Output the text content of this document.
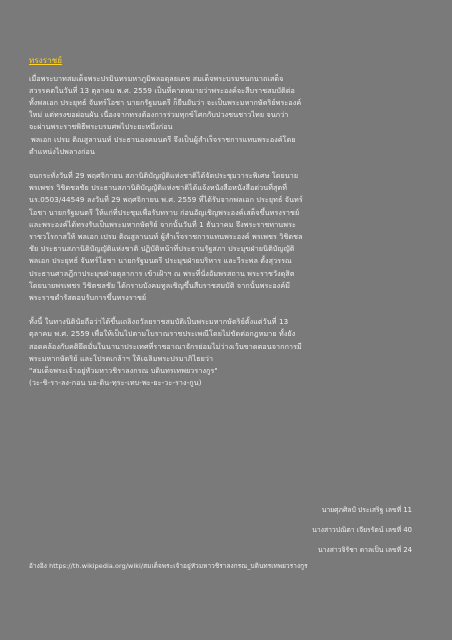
ทรงราชย์
เมื่อพระบาทสมเด็จพระปรมินทรมหาภูมิพลอดุลยเดช สมเด็จพระบรมชนกนาถเสด็จ
สวรรคตในวันที่ 13 ตุลาคม พ.ศ. 2559 เป็นที่คาดหมายว่าพระองค์จะสืบราชสมบัติต่อ
ทั้งพลเอก ประยุทธ์ จันทร์โอชา นายกรัฐมนตรี ก็ยืนยันว่า จะเป็นพระมหากษัตริย์พระองค์
ใหม่ แต่ทรงขอผ่อนผัน เนื่องจากทรงต้องการร่วมทุกข์โศกกับปวงชนชาวไทย จนกว่า
จะผ่านพระราชพิธีพระบรมศพไประยะหนึ่งก่อน
พลเอก เปรม ติณสูลานนท์ ประธานองคมนตรี จึงเป็นผู้สำเร็จราชการแทนพระองค์โดย
ตำแหน่งไปพลางก่อน
จนกระทั่งวันที่ 29 พฤศจิกายน สภานิติบัญญัติแห่งชาติได้จัดประชุมวาระพิเศษ โดยนาย
พรเพชร วิชิตชลชัย ประธานสภานิติบัญญัติแห่งชาติได้แจ้งหนังสือหนังสือด่วนที่สุดที่
นร.0503/44549 ลงวันที่ 29 พฤศจิกายน พ.ศ. 2559 ที่ได้รับจากพลเอก ประยุทธ์ จันทร์
โอชา นายกรัฐมนตรี ให้แก่ที่ประชุมเพื่อรับทราบ ก่อนอัญเชิญพระองค์เสด็จขึ้นทรงราชย์
และพระองค์ได้ทรงรับเป็นพระมหากษัตริย์ จากนั้นวันที่ 1 ธันวาคม จึงพระราชทานพระ
ราชวโรกาสให้ พลเอก เปรม ติณสูลานนท์ ผู้สำเร็จราชการแทนพระองค์ พรเพชร วิชิตชล
ชัย ประธานสภานิติบัญญัติแห่งชาติ ปฏิบัติหน้าที่ประธานรัฐสภา ประมุขฝ่ายนิติบัญญัติ
พลเอก ประยุทธ์ จันทร์โอชา นายกรัฐมนตรี ประมุขฝ่ายบริหาร และวีระพล ตั้งสุวรรณ
ประธานศาลฎีกาประมุขฝ่ายตุลาการ เข้าเฝ้าฯ ณ พระที่นั่งอัมพรสถาน พระราชวังดุสิต
โดยนายพรเพชร วิชิตชลชัย ได้กราบบังคมทูลเชิญขึ้นสืบราชสมบัติ จากนั้นพระองค์มี
พระราชดำรัสตอบรับการขึ้นทรงราชย์
ทั้งนี้ ในทางนิตินัยถือว่าได้ขึ้นเถลิงถวัลยราชสมบัติเป็นพระมหากษัตริย์ตั้งแต่วันที่ 13
ตุลาคม พ.ศ. 2559 เพื่อให้เป็นไปตามโบราณราชประเพณีโดยไม่ขัดต่อกฎหมาย ทั้งยัง
สอดคล้องกับคติยึดมั่นในนานาประเทศที่ราชอาณาจักรย่อมไม่ว่างเว้นขาดตอนจากการมี
พระมหากษัตริย์ และโปรดเกล้าฯ ให้เฉลิมพระปรมาภิไธยว่า
"สมเด็จพระเจ้าอยู่หัวมหาวชิราลงกรณ บดินทรเทพยวรางกูร"
(วะ-ชิ-รา-ลง-กอน บอ-ดิน-ทฺระ-เทบ-พะ-ยะ-วะ-ราง-กูน)
นายศุภศิลป์ ประเสริฐ เลขที่ 11
นางสาวปณิตา เจียรรัตน์ เลขที่ 40
นางสาวจิรัชา ดาลเป็น เลขที่ 24
อ้างอิง https://th.wikipedia.org/wiki/สมเด็จพระเจ้าอยู่หัวมหาวชิราลงกรณ_บดินทรเทพยวรางกูร
